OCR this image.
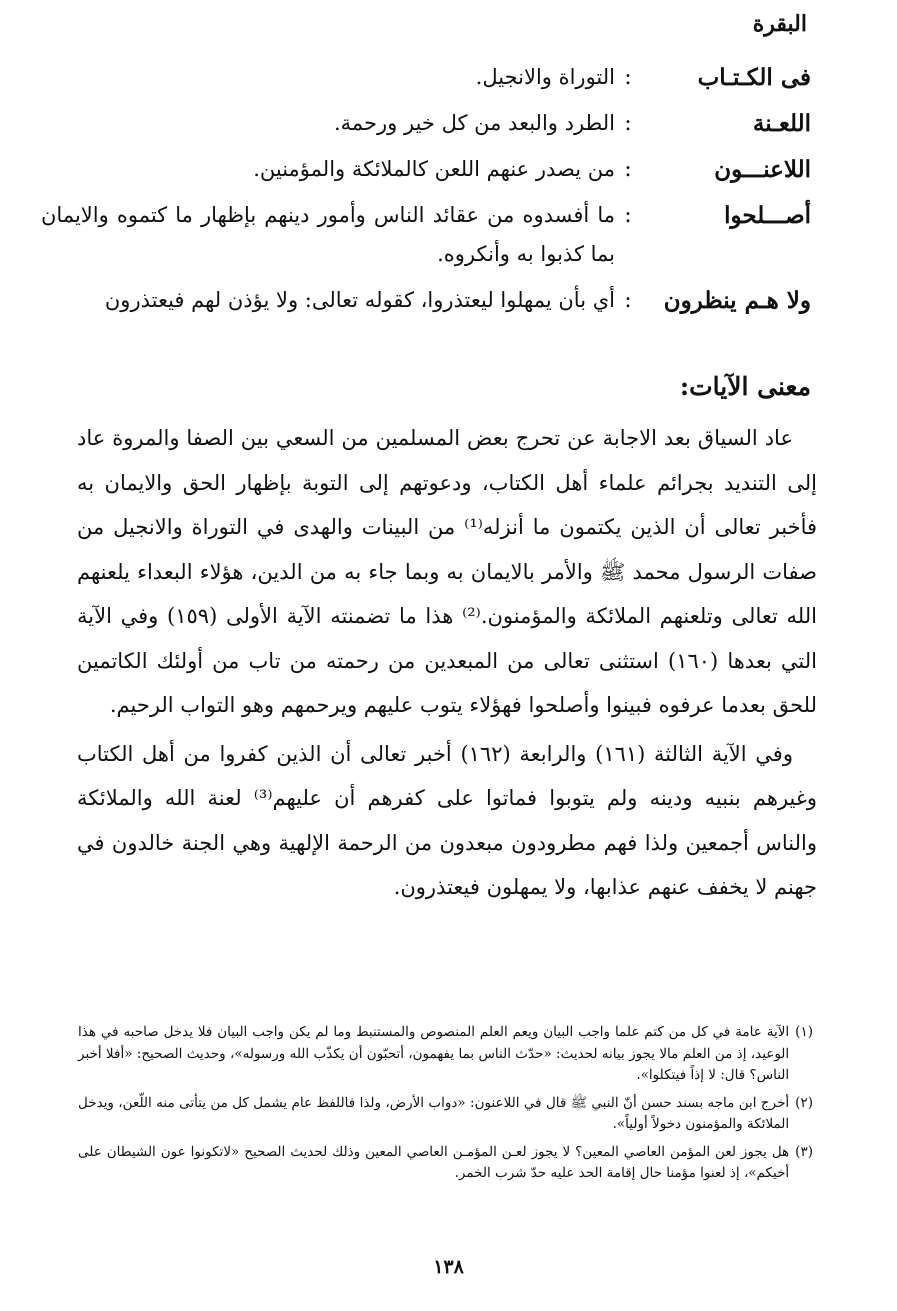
البقرة
فى الكـتـاب
:
التوراة والانجيل.
اللعـنة
:
الطرد والبعد من كل خير ورحمة.
اللاعنـــون
:
من يصدر عنهم اللعن كالملائكة والمؤمنين.
أصـــلحوا
:
ما أفسدوه من عقائد الناس وأمور دينهم بإظهار ما كتموه والايمان بما كذبوا به وأنكروه.
ولا هـم ينظرون
:
أي بأن يمهلوا ليعتذروا، كقوله تعالى: ولا يؤذن لهم فيعتذرون
معنى الآيات:

عاد السياق بعد الاجابة عن تحرج بعض المسلمين من السعي بين الصفا والمروة عاد إلى التنديد بجرائم علماء أهل الكتاب، ودعوتهم إلى التوبة بإظهار الحق والايمان به فأخبر تعالى أن الذين يكتمون ما أنزله⁽¹⁾ من البينات والهدى في التوراة والانجيل من صفات الرسول محمد ﷺ والأمر بالايمان به وبما جاء به من الدين، هؤلاء البعداء يلعنهم الله تعالى وتلعنهم الملائكة والمؤمنون.⁽²⁾ هذا ما تضمنته الآية الأولى (١٥٩) وفي الآية التي بعدها (١٦٠) استثنى تعالى من المبعدين من رحمته من تاب من أولئك الكاتمين للحق بعدما عرفوه فبينوا وأصلحوا فهؤلاء يتوب عليهم ويرحمهم وهو التواب الرحيم.

وفي الآية الثالثة (١٦١) والرابعة (١٦٢) أخبر تعالى أن الذين كفروا من أهل الكتاب وغيرهم بنبيه ودينه ولم يتوبوا فماتوا على كفرهم أن عليهم⁽³⁾ لعنة الله والملائكة والناس أجمعين ولذا فهم مطرودون مبعدون من الرحمة الإلهية وهي الجنة خالدون في جهنم لا يخفف عنهم عذابها، ولا يمهلون فيعتذرون.

(١)
الآية عامة في كل من كتم علما واجب البيان ويعم العلم المنصوص والمستنبط وما لم يكن واجب البيان فلا يدخل صاحبه في هذا الوعيد، إذ من العلم مالا يجوز بيانه لحديث: «حدّث الناس بما يفهمون، أتحبّون أن يكذّب الله ورسوله»، وحديث الصحيح: «أفلا أخبر الناس؟ قال: لا إذاً فيتكلوا».
(٢)
أخرج ابن ماجه بسند حسن أنّ النبي ﷺ قال في اللاعنون: «دواب الأرض، ولذا فاللفظ عام يشمل كل من يتأتى منه اللّعن، ويدخل الملائكة والمؤمنون دخولاً أولياً».
(٣)
هل يجوز لعن المؤمن العاصي المعين؟ لا يجوز لعـن المؤمـن العاصي المعين وذلك لحديث الصحيح «لاتكونوا عون الشيطان على أخيكم»، إذ لعنوا مؤمنا حال إقامة الحد عليه حدّ شرب الخمر.
١٣٨
